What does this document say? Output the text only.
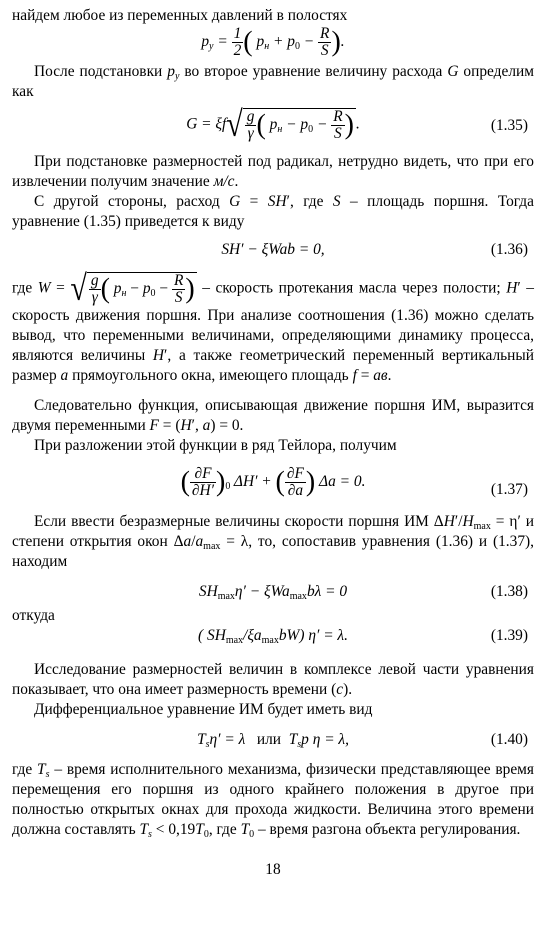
найдем любое из переменных давлений в полостях

$p_у = \frac{1}{2}$ ( $p_н + p_0 - \frac{R}{S}$ ).

После подстановки $p_у$ во второе уравнение величину расхода G определим как

$G = \xi f√ \frac{g}{\gamma}$ ( $p_н - p_0 - \frac{R}{S}$ ) .	(1.35)

При подстановке размерностей под радикал, нетрудно видеть, что при его извлечении получим значение м/с.

С другой стороны, расход G = SH′, где S – площадь поршня. Тогда уравнение (1.35) приведется к виду

SH′ − ξWab = 0,	(1.36)

где W = √ $\frac{g}{\gamma}$ ( $p_н - p_0 - \frac{R}{S}$ ) – скорость протекания масла через полости; H′ – скорость движения поршня. При анализе соотношения (1.36) можно сделать вывод, что переменными величинами, определяющими динамику процесса, являются величины H′, а также геометрический переменный вертикальный размер a прямоугольного окна, имеющего площадь f = ав.

Следовательно функция, описывающая движение поршня ИМ, выразится двумя переменными F = (H′, a) = 0.

При разложении этой функции в ряд Тейлора, получим

( $\frac{\partial F}{\partial H'} )_0$ ΔH′ + ( $\frac{\partial F}{\partial a}$ ) Δa = 0.	(1.37)

Если ввести безразмерные величины скорости поршня ИМ $\Delta H'/H_{max} = \eta'$ и степени открытия окон $\Delta a/a_{max} = \lambda$, то, сопоставив уравнения (1.36) и (1.37), находим

$SH_{max}\eta' - \xi Wa_{max}b\lambda = 0$	(1.38)

откуда

( $SH_{max}/\xi a_{max}bW$) η′ = λ.	(1.39)

Исследование размерностей величин в комплексе левой части уравнения показывает, что она имеет размерность времени (с).

Дифференциальное уравнение ИМ будет иметь вид

$T_s\eta' = \lambda$   или $T_sp$ η = λ,	(1.40)

где $T_s$ – время исполнительного механизма, физически представляющее время перемещения его поршня из одного крайнего положения в другое при полностью открытых окнах для прохода жидкости. Величина этого времени должна составлять $T_s < 0,19T_0$, где $T_0$ – время разгона объекта регулирования.

18
